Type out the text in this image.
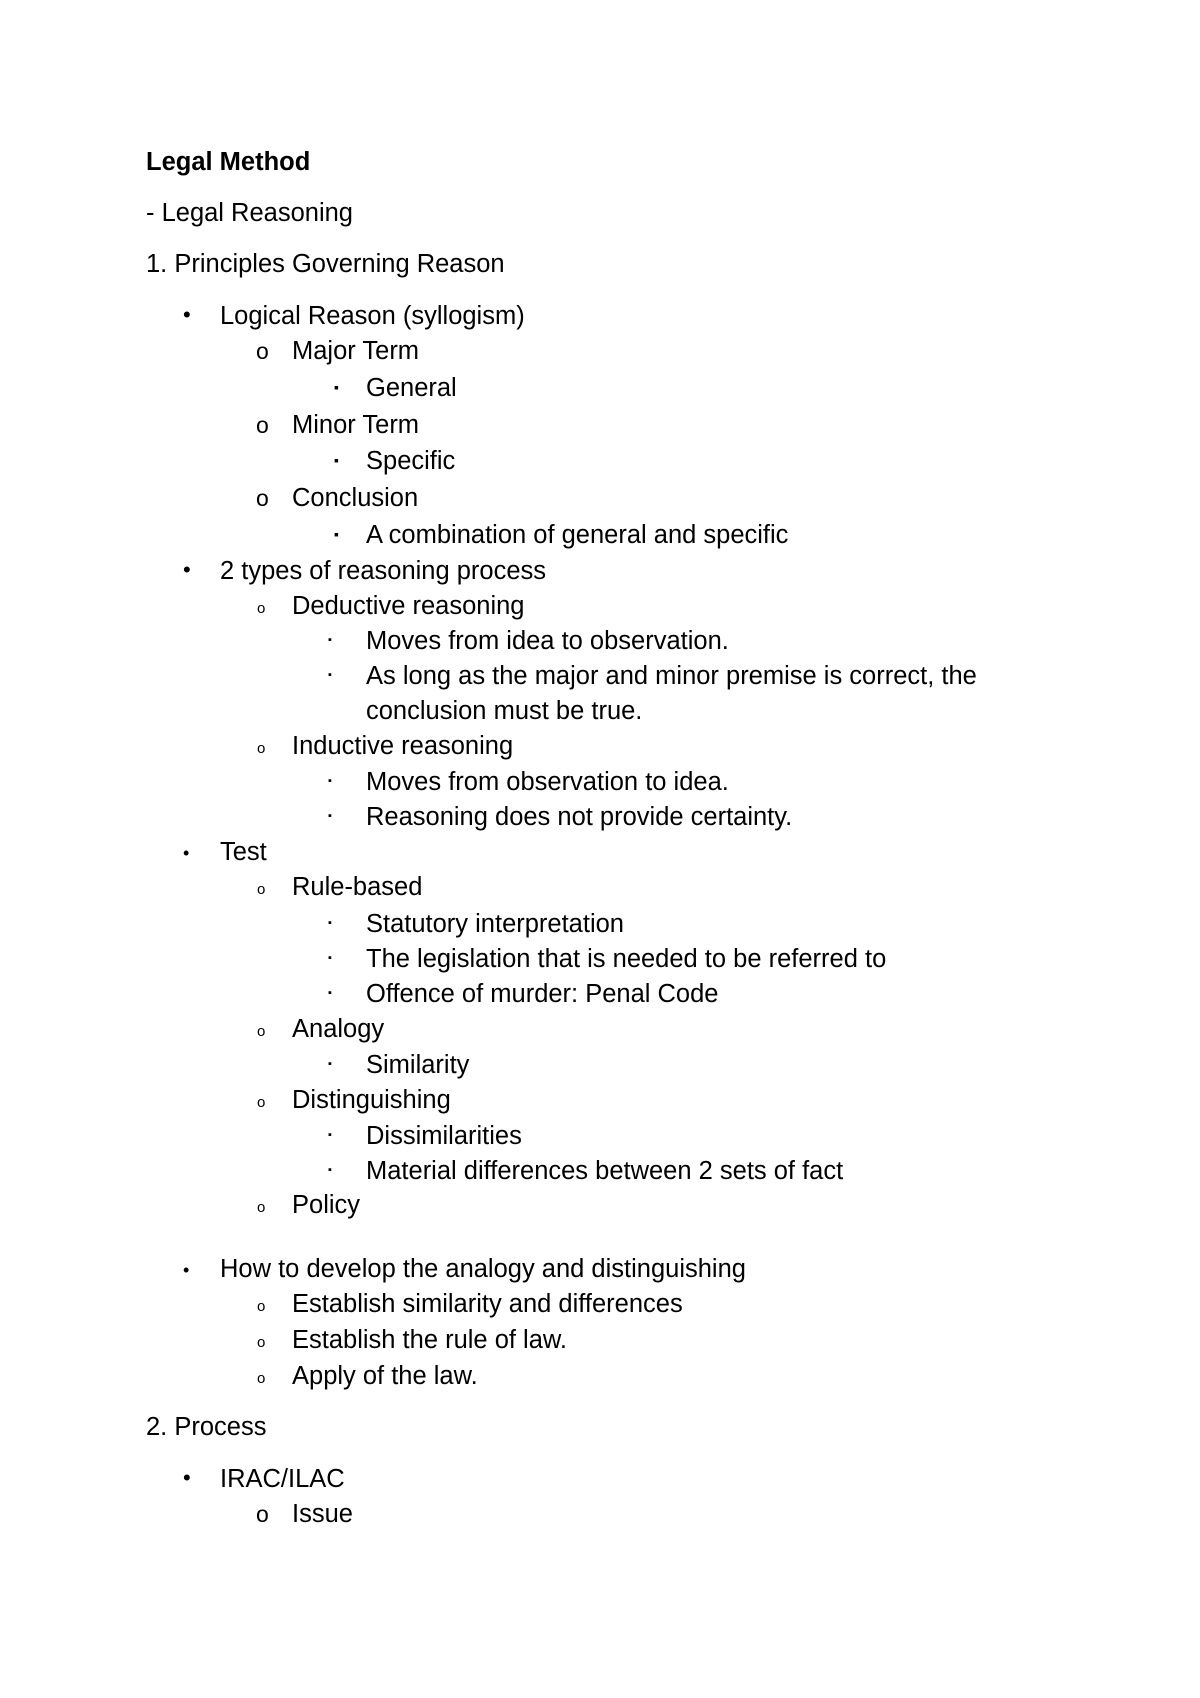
Legal Method
- Legal Reasoning
1. Principles Governing Reason
• Logical Reason (syllogism)
o Major Term
▪ General
o Minor Term
▪ Specific
o Conclusion
▪ A combination of general and specific
• 2 types of reasoning process
o Deductive reasoning
▪ Moves from idea to observation.
▪ As long as the major and minor premise is correct, the
conclusion must be true.
o Inductive reasoning
▪ Moves from observation to idea.
▪ Reasoning does not provide certainty.
• Test
o Rule-based
▪ Statutory interpretation
▪ The legislation that is needed to be referred to
▪ Offence of murder: Penal Code
o Analogy
▪ Similarity
o Distinguishing
▪ Dissimilarities
▪ Material differences between 2 sets of fact
o Policy
• How to develop the analogy and distinguishing
o Establish similarity and differences
o Establish the rule of law.
o Apply of the law.
2. Process
• IRAC/ILAC
o Issue
